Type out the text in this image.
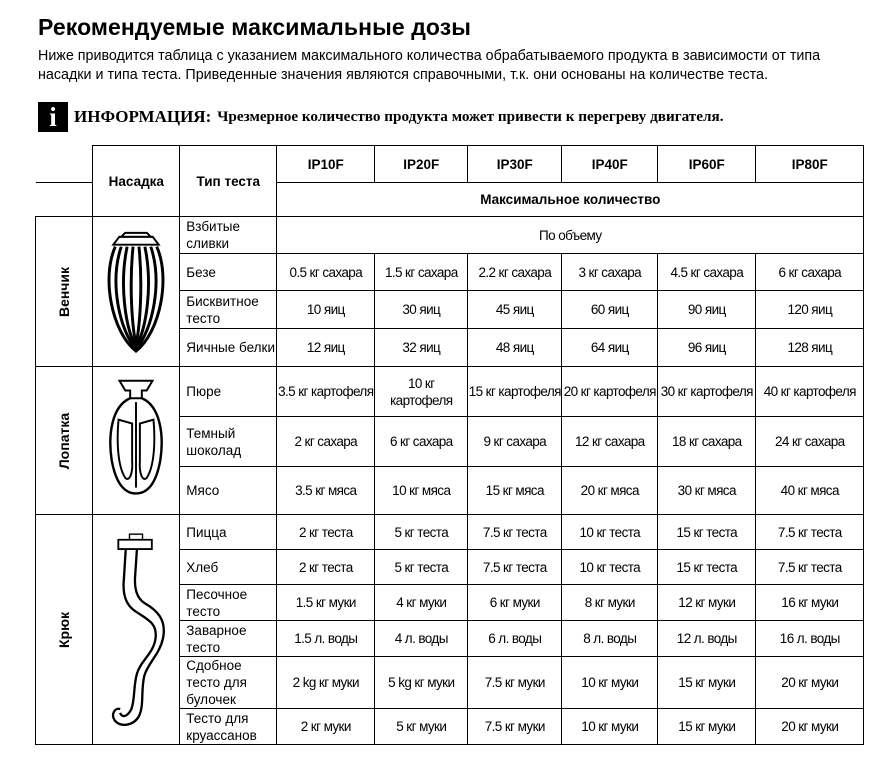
Рекомендуемые максимальные дозы
Ниже приводится таблица с указанием максимального количества обрабатываемого продукта в зависимости от типа насадки и типа теста. Приведенные значения являются справочными, т.к. они основаны на количестве теста.
i	ИНФОРМАЦИЯ: Чрезмерное количество продукта может привести к перегреву двигателя.
	Насадка	Тип теста	IP10F	IP20F	IP30F	IP40F	IP60F	IP80F
			Максимальное количество					
Венчик		Взбитые сливки	По объему					
		Безе	0.5 кг сахара	1.5 кг сахара	2.2 кг сахара	3 кг сахара	4.5 кг сахара	6 кг сахара
		Бисквитное тесто	10 яиц	30 яиц	45 яиц	60 яиц	90 яиц	120 яиц
		Яичные белки	12 яиц	32 яиц	48 яиц	64 яиц	96 яиц	128 яиц
Лопатка		Пюре	3.5 кг картофеля	10 кг картофеля	15 кг картофеля	20 кг картофеля	30 кг картофеля	40 кг картофеля
		Темный шоколад	2 кг сахара	6 кг сахара	9 кг сахара	12 кг сахара	18 кг сахара	24 кг сахара
		Мясо	3.5 кг мяса	10 кг мяса	15 кг мяса	20 кг мяса	30 кг мяса	40 кг мяса
Крюк		Пицца	2 кг теста	5 кг теста	7.5 кг теста	10 кг теста	15 кг теста	7.5 кг теста
		Хлеб	2 кг теста	5 кг теста	7.5 кг теста	10 кг теста	15 кг теста	7.5 кг теста
		Песочное тесто	1.5 кг муки	4 кг муки	6 кг муки	8 кг муки	12 кг муки	16 кг муки
		Заварное тесто	1.5 л. воды	4 л. воды	6 л. воды	8 л. воды	12 л. воды	16 л. воды
		Сдобное тесто для булочек	2 kg кг муки	5 kg кг муки	7.5 кг муки	10 кг муки	15 кг муки	20 кг муки
		Тесто для круассанов	2 кг муки	5 кг муки	7.5 кг муки	10 кг муки	15 кг муки	20 кг муки
